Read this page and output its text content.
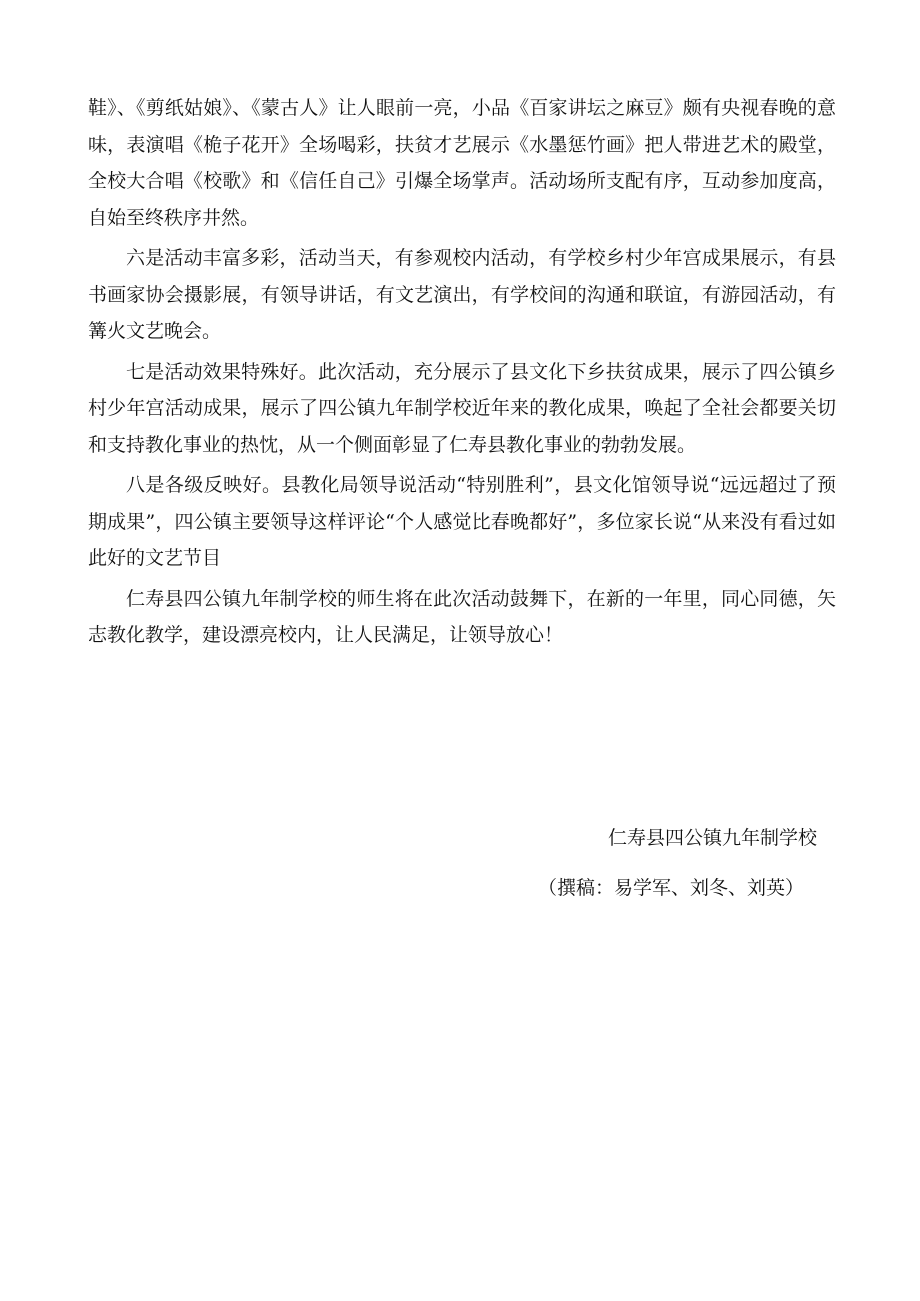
鞋》、《剪纸姑娘》、《蒙古人》让人眼前一亮，小品《百家讲坛之麻豆》颇有央视春晚的意味，表演唱《桅子花开》全场喝彩，扶贫才艺展示《水墨惩竹画》把人带进艺术的殿堂，全校大合唱《校歌》和《信任自己》引爆全场掌声。活动场所支配有序，互动参加度高，自始至终秩序井然。

六是活动丰富多彩，活动当天，有参观校内活动，有学校乡村少年宫成果展示，有县书画家协会摄影展，有领导讲话，有文艺演出，有学校间的沟通和联谊，有游园活动，有篝火文艺晚会。

七是活动效果特殊好。此次活动，充分展示了县文化下乡扶贫成果，展示了四公镇乡村少年宫活动成果，展示了四公镇九年制学校近年来的教化成果，唤起了全社会都要关切和支持教化事业的热忱，从一个侧面彰显了仁寿县教化事业的勃勃发展。

八是各级反映好。县教化局领导说活动“特别胜利”，县文化馆领导说“远远超过了预期成果”，四公镇主要领导这样评论“个人感觉比春晚都好”，多位家长说“从来没有看过如此好的文艺节目

仁寿县四公镇九年制学校的师生将在此次活动鼓舞下，在新的一年里，同心同德，矢志教化教学，建设漂亮校内，让人民满足，让领导放心！

仁寿县四公镇九年制学校
（撰稿：易学军、刘冬、刘英）
